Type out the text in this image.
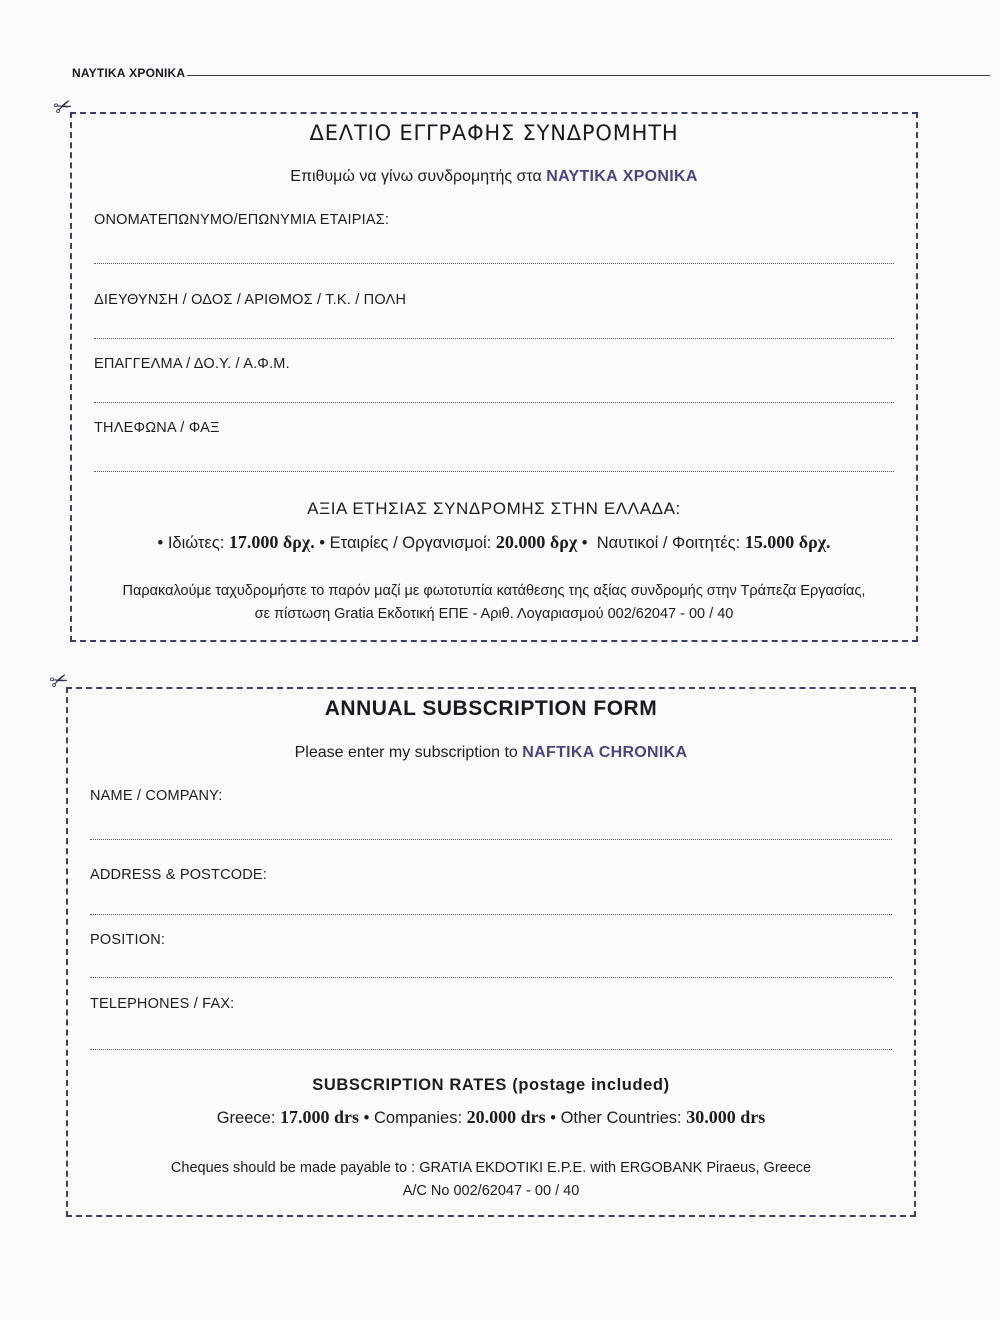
ΝΑΥΤΙΚΑ ΧΡΟΝΙΚΑ
✂
ΔΕΛΤΙΟ ΕΓΓΡΑΦΗΣ ΣΥΝΔΡΟΜΗΤΗ
Επιθυμώ να γίνω συνδρομητής στα ΝΑΥΤΙΚΑ ΧΡΟΝΙΚΑ
ΟΝΟΜΑΤΕΠΩΝΥΜΟ/ΕΠΩΝΥΜΙΑ ΕΤΑΙΡΙΑΣ:
ΔΙΕΥΘΥΝΣΗ / ΟΔΟΣ / ΑΡΙΘΜΟΣ / Τ.Κ. / ΠΟΛΗ
ΕΠΑΓΓΕΛΜΑ / ΔΟ.Υ. / Α.Φ.Μ.
ΤΗΛΕΦΩΝΑ / ΦΑΞ
ΑΞΙΑ ΕΤΗΣΙΑΣ ΣΥΝΔΡΟΜΗΣ ΣΤΗΝ ΕΛΛΑΔΑ:
• Ιδιώτες: 17.000 δρχ. • Εταιρίες / Οργανισμοί: 20.000 δρχ •  Ναυτικοί / Φοιτητές: 15.000 δρχ.
Παρακαλούμε ταχυδρομήστε το παρόν μαζί με φωτοτυπία κατάθεσης της αξίας συνδρομής στην Τράπεζα Εργασίας,
σε πίστωση Gratia Εκδοτική ΕΠΕ - Αριθ. Λογαριασμού 002/62047 - 00 / 40
✂
ANNUAL SUBSCRIPTION FORM
Please enter my subscription to NAFTIKA CHRONIKA
NAME / COMPANY:
ADDRESS & POSTCODE:
POSITION:
TELEPHONES / FAX:
SUBSCRIPTION RATES (postage included)
Greece: 17.000 drs • Companies: 20.000 drs • Other Countries: 30.000 drs
Cheques should be made payable to : GRATIA EKDOTIKI E.P.E. with ERGOBANK Piraeus, Greece
A/C No 002/62047 - 00 / 40
